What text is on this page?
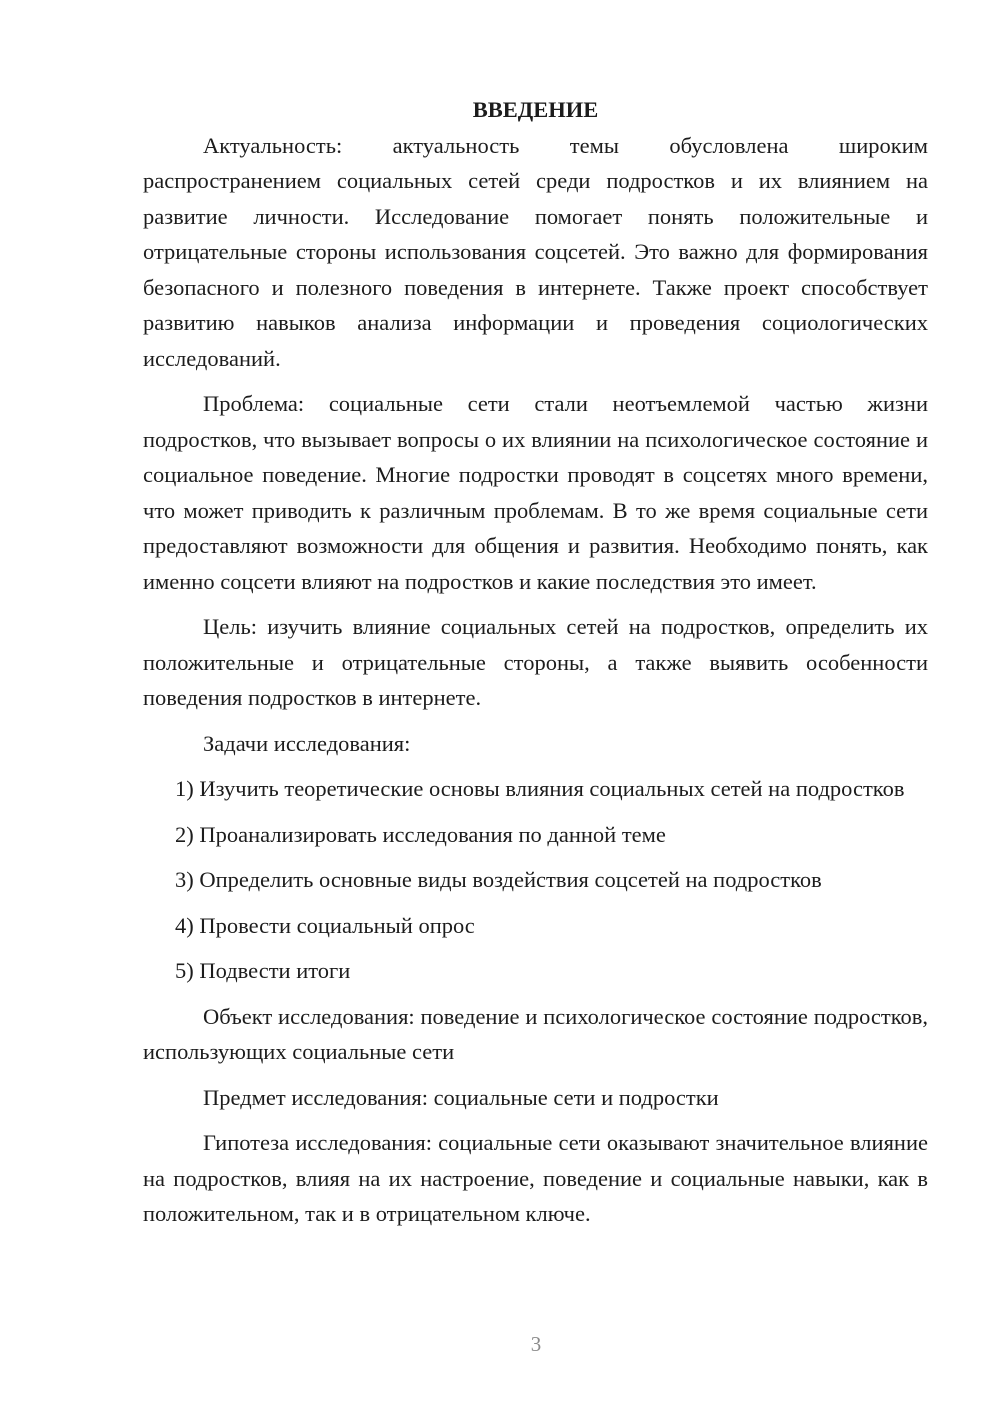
ВВЕДЕНИЕ

Актуальность: актуальность темы обусловлена широким распространением социальных сетей среди подростков и их влиянием на развитие личности. Исследование помогает понять положительные и отрицательные стороны использования соцсетей. Это важно для формирования безопасного и полезного поведения в интернете. Также проект способствует развитию навыков анализа информации и проведения социологических исследований.

Проблема: социальные сети стали неотъемлемой частью жизни подростков, что вызывает вопросы о их влиянии на психологическое состояние и социальное поведение. Многие подростки проводят в соцсетях много времени, что может приводить к различным проблемам. В то же время социальные сети предоставляют возможности для общения и развития. Необходимо понять, как именно соцсети влияют на подростков и какие последствия это имеет.

Цель: изучить влияние социальных сетей на подростков, определить их положительные и отрицательные стороны, а также выявить особенности поведения подростков в интернете.

Задачи исследования:

1) Изучить теоретические основы влияния социальных сетей на подростков

2) Проанализировать исследования по данной теме

3) Определить основные виды воздействия соцсетей на подростков

4) Провести социальный опрос

5) Подвести итоги

Объект исследования: поведение и психологическое состояние подростков, использующих социальные сети

Предмет исследования: социальные сети и подростки

Гипотеза исследования: социальные сети оказывают значительное влияние на подростков, влияя на их настроение, поведение и социальные навыки, как в положительном, так и в отрицательном ключе.

3
